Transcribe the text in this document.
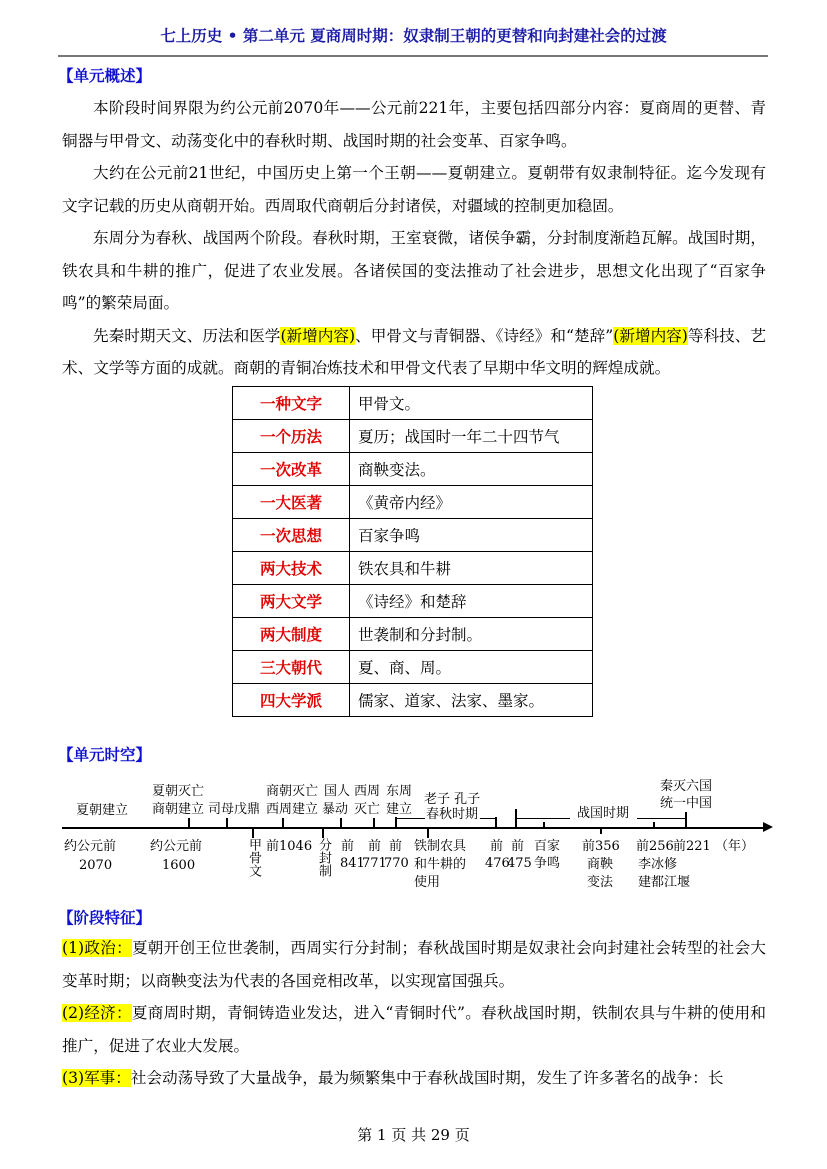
七上历史 • 第二单元 夏商周时期：奴隶制王朝的更替和向封建社会的过渡
【单元概述】

本阶段时间界限为约公元前2070年——公元前221年，主要包括四部分内容：夏商周的更替、青铜器与甲骨文、动荡变化中的春秋时期、战国时期的社会变革、百家争鸣。

大约在公元前21世纪，中国历史上第一个王朝——夏朝建立。夏朝带有奴隶制特征。迄今发现有文字记载的历史从商朝开始。西周取代商朝后分封诸侯，对疆域的控制更加稳固。

东周分为春秋、战国两个阶段。春秋时期，王室衰微，诸侯争霸，分封制度渐趋瓦解。战国时期，铁农具和牛耕的推广，促进了农业发展。各诸侯国的变法推动了社会进步，思想文化出现了“百家争鸣”的繁荣局面。

先秦时期天文、历法和医学(新增内容)、甲骨文与青铜器、《诗经》和“楚辞”(新增内容)等科技、艺术、文学等方面的成就。商朝的青铜冶炼技术和甲骨文代表了早期中华文明的辉煌成就。

一种文字	甲骨文。
一个历法	夏历；战国时一年二十四节气
一次改革	商鞅变法。
一大医著	《黄帝内经》
一次思想	百家争鸣
两大技术	铁农具和牛耕
两大文学	《诗经》和楚辞
两大制度	世袭制和分封制。
三大朝代	夏、商、周。
四大学派	儒家、道家、法家、墨家。
【单元时空】
夏朝建立
夏朝灭亡
商朝建立 司母戊鼎
商朝灭亡
西周建立
国人
暴动
西周
灭亡
东周
建立
老子 孔子
春秋时期	战国时期
秦灭六国
统一中国
约公元前
2070
约公元前
1600	甲骨文 前1046 分封制 前
841
前
771
前
770
铁制农具
和牛耕的
使用
前
476
前
475
百家
争鸣
前356
商鞅
变法
前256 前221 （年）
李冰修
建都江堰
【阶段特征】
(1)政治：夏朝开创王位世袭制，西周实行分封制；春秋战国时期是奴隶社会向封建社会转型的社会大变革时期；以商鞅变法为代表的各国竞相改革，以实现富国强兵。
(2)经济：夏商周时期，青铜铸造业发达，进入“青铜时代”。春秋战国时期，铁制农具与牛耕的使用和推广，促进了农业大发展。
(3)军事：社会动荡导致了大量战争，最为频繁集中于春秋战国时期，发生了许多著名的战争：长
第 1 页 共 29 页
